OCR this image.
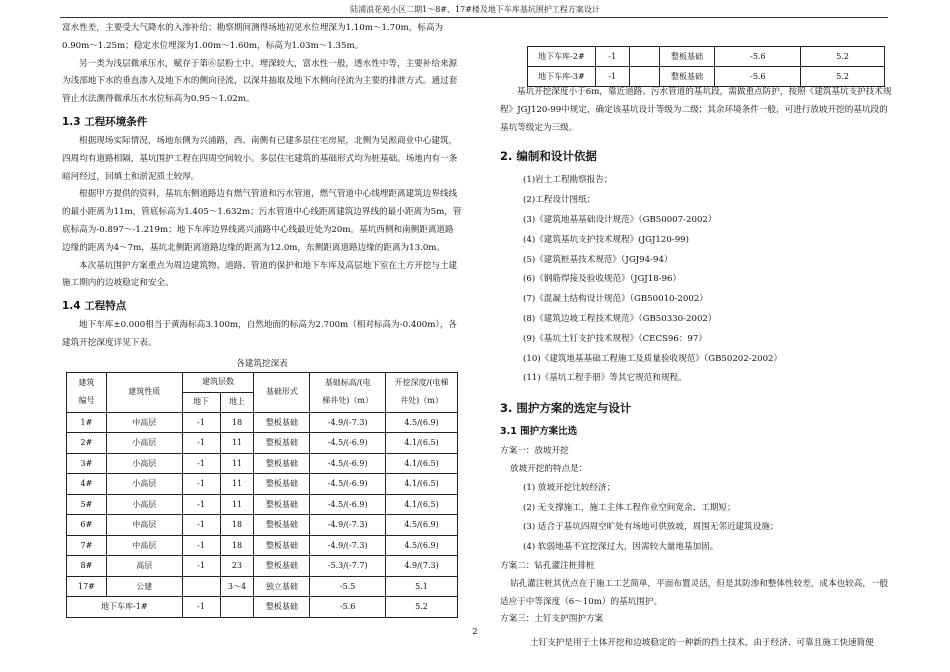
陆浦浪花苑小区二期1～8#、17#楼及地下车库基坑围护工程方案设计

富水性差，主要受大气降水的入渗补给；勘察期间测得场地初见水位埋深为1.10m～1.70m，标高为0.90m～1.25m；稳定水位埋深为1.00m～1.60m，标高为1.03m～1.35m。

另一类为浅层微承压水，赋存于第⑥层粉土中，埋深较大，富水性一般，透水性中等，主要补给来源为浅部地下水的垂直渗入及地下水的侧向径流，以深井抽取及地下水侧向径流为主要的排泄方式。通过套管止水法测得微承压水水位标高为0.95～1.02m。

1.3 工程环境条件

根据现场实际情况，场地东侧为兴浦路，西、南侧有已建多层住宅房屋，北侧为吴淞商业中心建筑，四周均有道路相隔，基坑围护工程在四周空间较小。多层住宅建筑的基础形式均为桩基础。场地内有一条暗河经过，回填土和淤泥质土较厚。

根据甲方提供的资料，基坑东侧道路边有燃气管道和污水管道，燃气管道中心线埋距离建筑边界线线的最小距离为11m，管底标高为1.405～1.632m；污水管道中心线距离建筑边界线的最小距离为5m，管底标高为-0.897～-1.219m；地下车库边界线离兴浦路中心线最近处为20m。基坑西侧和南侧距离道路边缘的距离为4～7m，基坑北侧距离道路边缘的距离为12.0m，东侧距离道路边缘的距离为13.0m。

本次基坑围护方案重点为周边建筑物、道路、管道的保护和地下车库及高层地下室在土方开挖与土建施工期内的边坡稳定和安全。

1.4 工程特点

地下车库±0.000相当于黄海标高3.100m，自然地面的标高为2.700m（相对标高为-0.400m），各建筑开挖深度详见下表。

各建筑挖深表
建筑
编号	建筑性质	建筑层数		基础形式	基础标高/(电
梯井处)（m）	开挖深度/(电梯
井处)（m）
		地下	地上			
1#	中高层	-1	18	整板基础	-4.9/(-7.3)	4.5/(6.9)
2#	小高层	-1	11	整板基础	-4.5/(-6.9)	4.1/(6.5)
3#	小高层	-1	11	整板基础	-4.5/(-6.9)	4.1/(6.5)
4#	小高层	-1	11	整板基础	-4.5/(-6.9)	4.1/(6.5)
5#	小高层	-1	11	整板基础	-4.5/(-6.9)	4.1/(6.5)
6#	中高层	-1	18	整板基础	-4.9/(-7.3)	4.5/(6.9)
7#	中高层	-1	18	整板基础	-4.9/(-7.3)	4.5/(6.9)
8#	高层	-1	23	整板基础	-5.3/(-7.7)	4.9/(7.3)
17#	公建		3～4	独立基础	-5.5	5.1
地下车库-1#		-1		整板基础	-5.6	5.2
地下车库-2#	-1		整板基础	-5.6	5.2
地下车库-3#	-1		整板基础	-5.6	5.2

基坑开挖深度小于6m，靠近道路、污水管道的基坑段，需做重点防护，按照《建筑基坑支护技术规程》JGJ120-99中规定，确定该基坑设计等级为二级；其余环境条件一般，可进行放坡开挖的基坑段的基坑等级定为三级。

2. 编制和设计依据

(1)岩土工程勘察报告；

(2)工程设计图纸；

(3)《建筑地基基础设计规范》（GB50007-2002）

(4)《建筑基坑支护技术规程》(JGJ120-99)

(5)《建筑桩基技术规范》（JGJ94-94）

(6)《钢筋焊接及验收规范》（JGJ18-96）

(7)《混凝土结构设计规范》（GB50010-2002）

(8)《建筑边坡工程技术规范》（GB50330-2002）

(9)《基坑土钉支护技术规程》（CECS96：97）

(10)《建筑地基基础工程施工及质量验收规范》（GB50202-2002）

(11)《基坑工程手册》等其它规范和规程。

3. 围护方案的选定与设计
3.1 围护方案比选

方案一：放坡开挖

放坡开挖的特点是：

(1) 放坡开挖比较经济；

(2) 无支撑施工，施工主体工程作业空间宽余、工期短；

(3) 适合于基坑四周空旷处有场地可供放坡，周围无邻近建筑设施；

(4) 软弱地基不宜挖深过大，因需较大量地基加固。

方案二：钻孔灌注桩排桩

钻孔灌注桩其优点在于施工工艺简单，平面布置灵活，但是其防渗和整体性较差，成本也较高，一般适应于中等深度（6～10m）的基坑围护。

方案三：土钉支护围护方案

土钉支护是用于土体开挖和边坡稳定的一种新的挡土技术，由于经济、可靠且施工快速简便

2
